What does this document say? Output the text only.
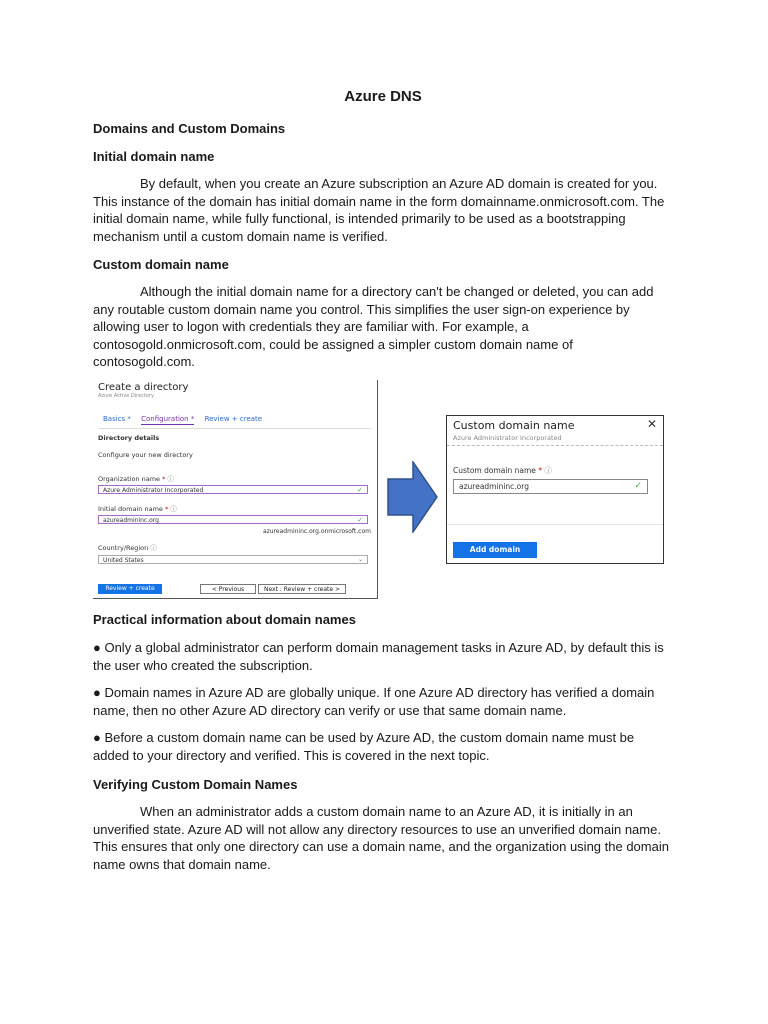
Azure DNS
Domains and Custom Domains
Initial domain name

By default, when you create an Azure subscription an Azure AD domain is created for you. This instance of the domain has initial domain name in the form domainname.onmicrosoft.com. The initial domain name, while fully functional, is intended primarily to be used as a bootstrapping mechanism until a custom domain name is verified.

Custom domain name

Although the initial domain name for a directory can't be changed or deleted, you can add any routable custom domain name you control. This simplifies the user sign-on experience by allowing user to logon with credentials they are familiar with. For example, a contosogold.onmicrosoft.com, could be assigned a simpler custom domain name of contosogold.com.

Practical information about domain names

● Only a global administrator can perform domain management tasks in Azure AD, by default this is the user who created the subscription.

● Domain names in Azure AD are globally unique. If one Azure AD directory has verified a domain name, then no other Azure AD directory can verify or use that same domain name.

● Before a custom domain name can be used by Azure AD, the custom domain name must be added to your directory and verified. This is covered in the next topic.

Verifying Custom Domain Names

When an administrator adds a custom domain name to an Azure AD, it is initially in an unverified state. Azure AD will not allow any directory resources to use an unverified domain name. This ensures that only one directory can use a domain name, and the organization using the domain name owns that domain name.

Create a directory
Azure Active Directory
Basics * Configuration * Review + create
Directory details
Configure your new directory
Organization name * ⓘ
Azure Administrator Incorporated	✓
Initial domain name * ⓘ
azureadmininc.org	✓
azureadmininc.org.onmicrosoft.com
Country/Region ⓘ
United States	⌄
Review + create	< Previous	Next : Review + create >
Custom domain name
Azure Administrator Incorporated
✕
Custom domain name * ⓘ
azureadmininc.org	✓
Add domain
